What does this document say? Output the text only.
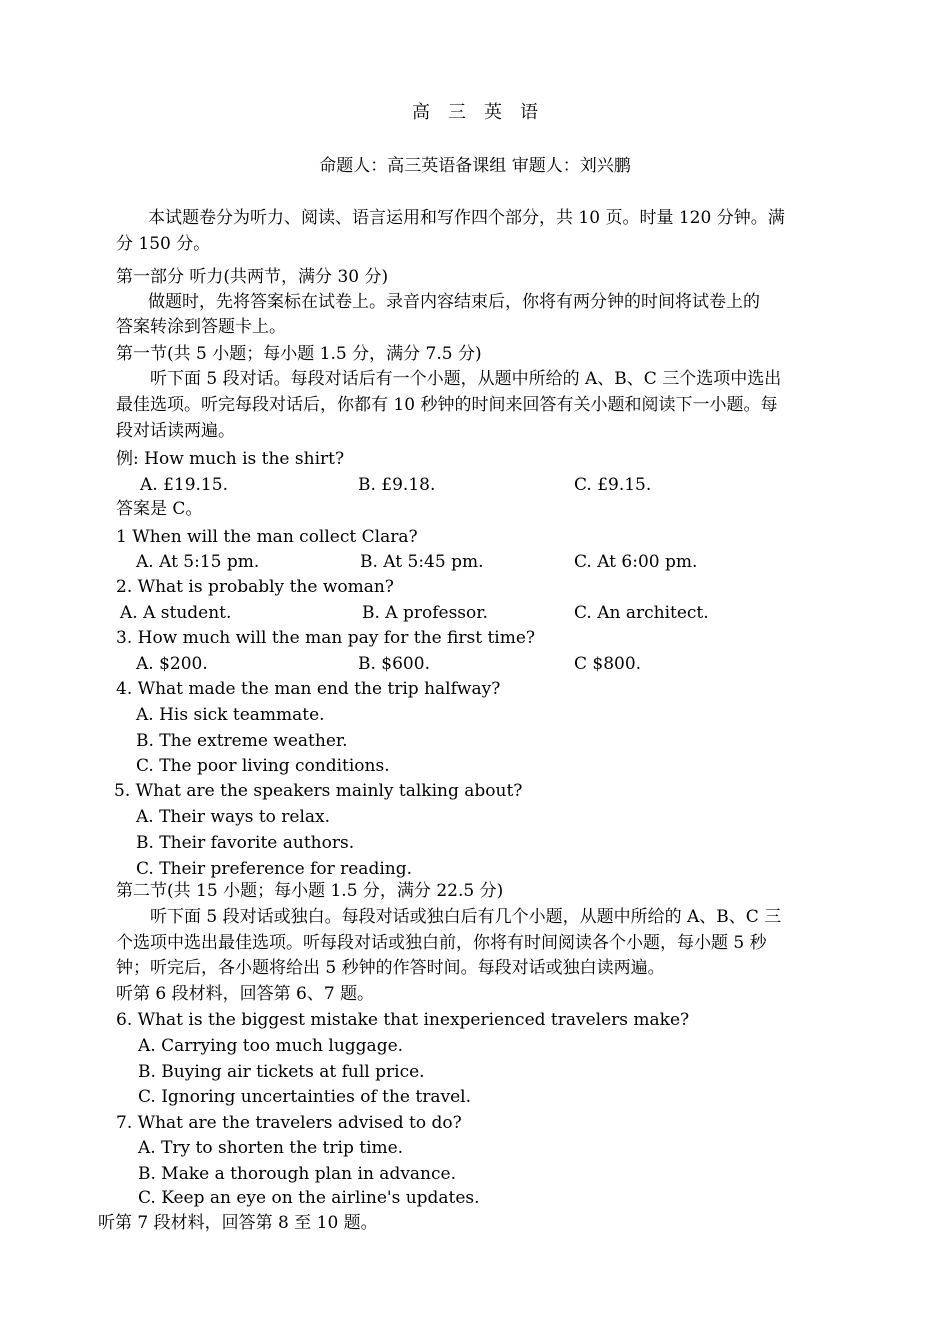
高　三　英　语
命题人：高三英语备课组 审题人：刘兴鹏
本试题卷分为听力、阅读、语言运用和写作四个部分，共 10 页。时量 120 分钟。满
分 150 分。
第一部分 听力(共两节，满分 30 分)
做题时，先将答案标在试卷上。录音内容结束后，你将有两分钟的时间将试卷上的
答案转涂到答题卡上。
第一节(共 5 小题；每小题 1.5 分，满分 7.5 分)
听下面 5 段对话。每段对话后有一个小题，从题中所给的 A、B、C 三个选项中选出
最佳选项。听完每段对话后，你都有 10 秒钟的时间来回答有关小题和阅读下一小题。每
段对话读两遍。
例: How much is the shirt?
A. £19.15.	B. £9.18.	C. £9.15.
答案是 C。
1 When will the man collect Clara?
A. At 5:15 pm.	B. At 5:45 pm.	C. At 6:00 pm.
2. What is probably the woman?
A. A student.	B. A professor.	C. An architect.
3. How much will the man pay for the first time?
A. $200.	B. $600.	C $800.
4. What made the man end the trip halfway?
A. His sick teammate.
B. The extreme weather.
C. The poor living conditions.
5. What are the speakers mainly talking about?
A. Their ways to relax.
B. Their favorite authors.
C. Their preference for reading.
第二节(共 15 小题；每小题 1.5 分，满分 22.5 分)
听下面 5 段对话或独白。每段对话或独白后有几个小题，从题中所给的 A、B、C 三
个选项中选出最佳选项。听每段对话或独白前，你将有时间阅读各个小题，每小题 5 秒
钟；听完后，各小题将给出 5 秒钟的作答时间。每段对话或独白读两遍。
听第 6 段材料，回答第 6、7 题。
6. What is the biggest mistake that inexperienced travelers make?
A. Carrying too much luggage.
B. Buying air tickets at full price.
C. Ignoring uncertainties of the travel.
7. What are the travelers advised to do?
A. Try to shorten the trip time.
B. Make a thorough plan in advance.
C. Keep an eye on the airline's updates.
听第 7 段材料，回答第 8 至 10 题。
